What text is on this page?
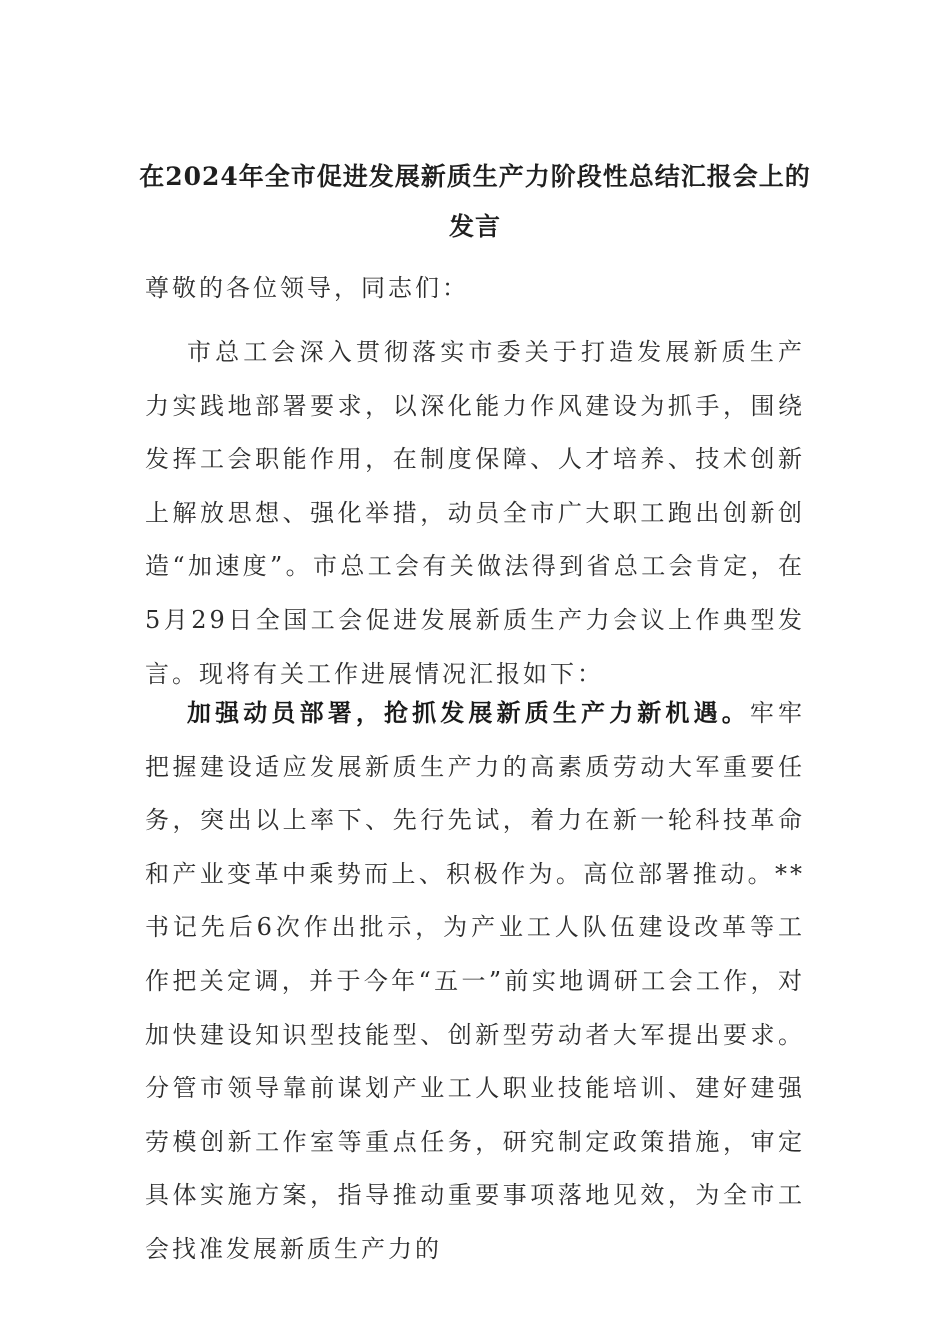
在2024年全市促进发展新质生产力阶段性总结汇报会上的
发言

尊敬的各位领导，同志们：

市总工会深入贯彻落实市委关于打造发展新质生产力实践地部署要求，以深化能力作风建设为抓手，围绕发挥工会职能作用，在制度保障、人才培养、技术创新上解放思想、强化举措，动员全市广大职工跑出创新创造“加速度”。市总工会有关做法得到省总工会肯定，在5月29日全国工会促进发展新质生产力会议上作典型发言。现将有关工作进展情况汇报如下：

加强动员部署，抢抓发展新质生产力新机遇。牢牢把握建设适应发展新质生产力的高素质劳动大军重要任务，突出以上率下、先行先试，着力在新一轮科技革命和产业变革中乘势而上、积极作为。高位部署推动。**书记先后6次作出批示，为产业工人队伍建设改革等工作把关定调，并于今年“五一”前实地调研工会工作，对加快建设知识型技能型、创新型劳动者大军提出要求。分管市领导靠前谋划产业工人职业技能培训、建好建强劳模创新工作室等重点任务，研究制定政策措施，审定具体实施方案，指导推动重要事项落地见效，为全市工会找准发展新质生产力的
